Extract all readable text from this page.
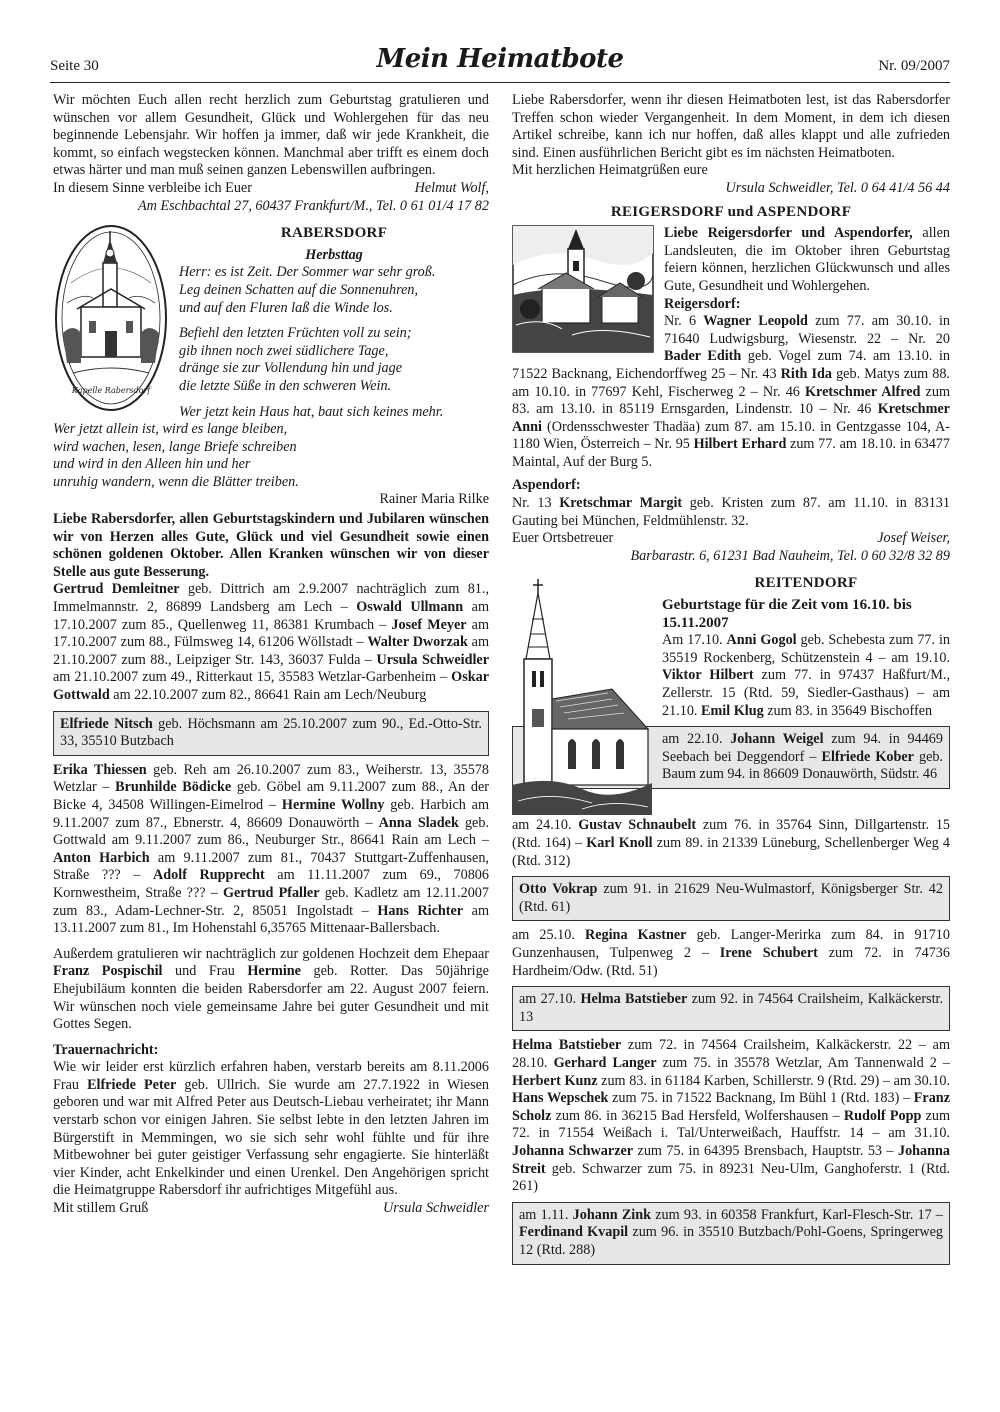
Seite 30	Mein Heimatbote	Nr. 09/2007

Wir möchten Euch allen recht herzlich zum Geburtstag gratulieren und wünschen vor allem Gesundheit, Glück und Wohlergehen für das neu beginnende Lebensjahr. Wir hoffen ja immer, daß wir jede Krankheit, die kommt, so einfach wegstecken können. Manchmal aber trifft es einem doch etwas härter und man muß seinen ganzen Lebenswillen aufbringen.

In diesem Sinne verbleibe ich Euer	Helmut Wolf,

Am Eschbachtal 27, 60437 Frankfurt/M., Tel. 0 61 01/4 17 82

Kapelle Rabersdorf
RABERSDORF

Herbsttag

Herr: es ist Zeit. Der Sommer war sehr groß.

Leg deinen Schatten auf die Sonnenuhren,

und auf den Fluren laß die Winde los.

Befiehl den letzten Früchten voll zu sein;

gib ihnen noch zwei südlichere Tage,

dränge sie zur Vollendung hin und jage

die letzte Süße in den schweren Wein.

Wer jetzt kein Haus hat, baut sich keines mehr.

Wer jetzt allein ist, wird es lange bleiben,

wird wachen, lesen, lange Briefe schreiben

und wird in den Alleen hin und her

unruhig wandern, wenn die Blätter treiben.

Rainer Maria Rilke

Liebe Rabersdorfer, allen Geburtstagskindern und Jubilaren wünschen wir von Herzen alles Gute, Glück und viel Gesundheit sowie einen schönen goldenen Oktober. Allen Kranken wünschen wir von dieser Stelle aus gute Besserung.

Gertrud Demleitner geb. Dittrich am 2.9.2007 nachträglich zum 81., Immelmannstr. 2, 86899 Landsberg am Lech – Oswald Ullmann am 17.10.2007 zum 85., Quellenweg 11, 86381 Krumbach – Josef Meyer am 17.10.2007 zum 88., Fülmsweg 14, 61206 Wöllstadt – Walter Dworzak am 21.10.2007 zum 88., Leipziger Str. 143, 36037 Fulda – Ursula Schweidler am 21.10.2007 zum 49., Ritterkaut 15, 35583 Wetzlar-Garbenheim – Oskar Gottwald am 22.10.2007 zum 82., 86641 Rain am Lech/Neuburg

Elfriede Nitsch geb. Höchsmann am 25.10.2007 zum 90., Ed.-Otto-Str. 33, 35510 Butzbach

Erika Thiessen geb. Reh am 26.10.2007 zum 83., Weiherstr. 13, 35578 Wetzlar – Brunhilde Bödicke geb. Göbel am 9.11.2007 zum 88., An der Bicke 4, 34508 Willingen-Eimelrod – Hermine Wollny geb. Harbich am 9.11.2007 zum 87., Ebnerstr. 4, 86609 Donauwörth – Anna Sladek geb. Gottwald am 9.11.2007 zum 86., Neuburger Str., 86641 Rain am Lech – Anton Harbich am 9.11.2007 zum 81., 70437 Stuttgart-Zuffenhausen, Straße ??? – Adolf Rupprecht am 11.11.2007 zum 69., 70806 Kornwestheim, Straße ??? – Gertrud Pfaller geb. Kadletz am 12.11.2007 zum 83., Adam-Lechner-Str. 2, 85051 Ingolstadt – Hans Richter am 13.11.2007 zum 81., Im Hohenstahl 6,35765 Mittenaar-Ballersbach.

Außerdem gratulieren wir nachträglich zur goldenen Hochzeit dem Ehepaar Franz Pospischil und Frau Hermine geb. Rotter. Das 50jährige Ehejubiläum konnten die beiden Rabersdorfer am 22. August 2007 feiern. Wir wünschen noch viele gemeinsame Jahre bei guter Gesundheit und mit Gottes Segen.

Trauernachricht:

Wie wir leider erst kürzlich erfahren haben, verstarb bereits am 8.11.2006 Frau Elfriede Peter geb. Ullrich. Sie wurde am 27.7.1922 in Wiesen geboren und war mit Alfred Peter aus Deutsch-Liebau verheiratet; ihr Mann verstarb schon vor einigen Jahren. Sie selbst lebte in den letzten Jahren im Bürgerstift in Memmingen, wo sie sich sehr wohl fühlte und für ihre Mitbewohner bei guter geistiger Verfassung sehr engagierte. Sie hinterläßt vier Kinder, acht Enkelkinder und einen Urenkel. Den Angehörigen spricht die Heimatgruppe Rabersdorf ihr aufrichtiges Mitgefühl aus.

Mit stillem Gruß	Ursula Schweidler

Liebe Rabersdorfer, wenn ihr diesen Heimatboten lest, ist das Rabersdorfer Treffen schon wieder Vergangenheit. In dem Moment, in dem ich diesen Artikel schreibe, kann ich nur hoffen, daß alles klappt und alle zufrieden sind. Einen ausführlichen Bericht gibt es im nächsten Heimatboten.

Mit herzlichen Heimatgrüßen eure

Ursula Schweidler, Tel. 0 64 41/4 56 44

REIGERSDORF und ASPENDORF

Liebe Reigersdorfer und Aspendorfer, allen Landsleuten, die im Oktober ihren Geburtstag feiern können, herzlichen Glückwunsch und alles Gute, Gesundheit und Wohlergehen.

Reigersdorf:

Nr. 6 Wagner Leopold zum 77. am 30.10. in 71640 Ludwigsburg, Wiesenstr. 22 – Nr. 20 Bader Edith geb. Vogel zum 74. am 13.10. in 71522 Backnang, Eichendorffweg 25 – Nr. 43 Rith Ida geb. Matys zum 88. am 10.10. in 77697 Kehl, Fischerweg 2 – Nr. 46 Kretschmer Alfred zum 83. am 13.10. in 85119 Ernsgarden, Lindenstr. 10 – Nr. 46 Kretschmer Anni (Ordensschwester Thadäa) zum 87. am 15.10. in Gentzgasse 104, A-1180 Wien, Österreich – Nr. 95 Hilbert Erhard zum 77. am 18.10. in 63477 Maintal, Auf der Burg 5.

Aspendorf:

Nr. 13 Kretschmar Margit geb. Kristen zum 87. am 11.10. in 83131 Gauting bei München, Feldmühlenstr. 32.

Euer Ortsbetreuer	Josef Weiser,

Barbarastr. 6, 61231 Bad Nauheim, Tel. 0 60 32/8 32 89

REITENDORF

Geburtstage für die Zeit vom 16.10. bis 15.11.2007

Am 17.10. Anni Gogol geb. Schebesta zum 77. in 35519 Rockenberg, Schützenstein 4 – am 19.10. Viktor Hilbert zum 77. in 97437 Haßfurt/M., Zellerstr. 15 (Rtd. 59, Siedler-Gasthaus) – am 21.10. Emil Klug zum 83. in 35649 Bischoffen

am 22.10. Johann Weigel zum 94. in 94469 Seebach bei Deggendorf – Elfriede Kober geb. Baum zum 94. in 86609 Donauwörth, Südstr. 46

am 24.10. Gustav Schnaubelt zum 76. in 35764 Sinn, Dillgartenstr. 15 (Rtd. 164) – Karl Knoll zum 89. in 21339 Lüneburg, Schellenberger Weg 4 (Rtd. 312)

Otto Vokrap zum 91. in 21629 Neu-Wulmastorf, Königsberger Str. 42 (Rtd. 61)

am 25.10. Regina Kastner geb. Langer-Merirka zum 84. in 91710 Gunzenhausen, Tulpenweg 2 – Irene Schubert zum 72. in 74736 Hardheim/Odw. (Rtd. 51)

am 27.10. Helma Batstieber zum 92. in 74564 Crailsheim, Kalkäckerstr. 13

Helma Batstieber zum 72. in 74564 Crailsheim, Kalkäckerstr. 22 – am 28.10. Gerhard Langer zum 75. in 35578 Wetzlar, Am Tannenwald 2 – Herbert Kunz zum 83. in 61184 Karben, Schillerstr. 9 (Rtd. 29) – am 30.10. Hans Wepschek zum 75. in 71522 Backnang, Im Bühl 1 (Rtd. 183) – Franz Scholz zum 86. in 36215 Bad Hersfeld, Wolfershausen – Rudolf Popp zum 72. in 71554 Weißach i. Tal/Unterweißach, Hauffstr. 14 – am 31.10. Johanna Schwarzer zum 75. in 64395 Brensbach, Hauptstr. 53 – Johanna Streit geb. Schwarzer zum 75. in 89231 Neu-Ulm, Ganghoferstr. 1 (Rtd. 261)

am 1.11. Johann Zink zum 93. in 60358 Frankfurt, Karl-Flesch-Str. 17 – Ferdinand Kvapil zum 96. in 35510 Butzbach/Pohl-Goens, Springerweg 12 (Rtd. 288)
